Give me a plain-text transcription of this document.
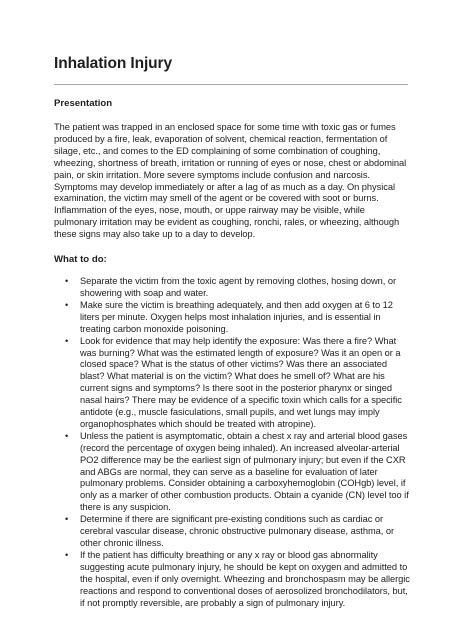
Inhalation Injury
Presentation

The patient was trapped in an enclosed space for some time with toxic gas or fumes produced by a fire, leak, evaporation of solvent, chemical reaction, fermentation of silage, etc., and comes to the ED complaining of some combination of coughing, wheezing, shortness of breath, irritation or running of eyes or nose, chest or abdominal pain, or skin irritation. More severe symptoms include confusion and narcosis. Symptoms may develop immediately or after a lag of as much as a day. On physical examination, the victim may smell of the agent or be covered with soot or burns. Inflammation of the eyes, nose, mouth, or uppe rairway may be visible, while pulmonary irritation may be evident as coughing, ronchi, rales, or wheezing, although these signs may also take up to a day to develop.

What to do:
• Separate the victim from the toxic agent by removing clothes, hosing down, or showering with soap and water.
• Make sure the victim is breathing adequately, and then add oxygen at 6 to 12 liters per minute. Oxygen helps most inhalation injuries, and is essential in treating carbon monoxide poisoning.
• Look for evidence that may help identify the exposure: Was there a fire? What was burning? What was the estimated length of exposure? Was it an open or a closed space? What is the status of other victims? Was there an associated blast? What material is on the victim? What does he smell of? What are his current signs and symptoms? Is there soot in the posterior pharynx or singed nasal hairs? There may be evidence of a specific toxin which calls for a specific antidote (e.g., muscle fasiculations, small pupils, and wet lungs may imply organophosphates which should be treated with atropine).
• Unless the patient is asymptomatic, obtain a chest x ray and arterial blood gases (record the percentage of oxygen being inhaled). An increased alveolar-arterial PO2 difference may be the earliest sign of pulmonary injury; but even if the CXR and ABGs are normal, they can serve as a baseline for evaluation of later pulmonary problems. Consider obtaining a carboxyhemoglobin (COHgb) level, if only as a marker of other combustion products. Obtain a cyanide (CN) level too if there is any suspicion.
• Determine if there are significant pre-existing conditions such as cardiac or cerebral vascular disease, chronic obstructive pulmonary disease, asthma, or other chronic illness.
• If the patient has difficulty breathing or any x ray or blood gas abnormality suggesting acute pulmonary injury, he should be kept on oxygen and admitted to the hospital, even if only overnight. Wheezing and bronchospasm may be allergic reactions and respond to conventional doses of aerosolized bronchodilators, but, if not promptly reversible, are probably a sign of pulmonary injury.
